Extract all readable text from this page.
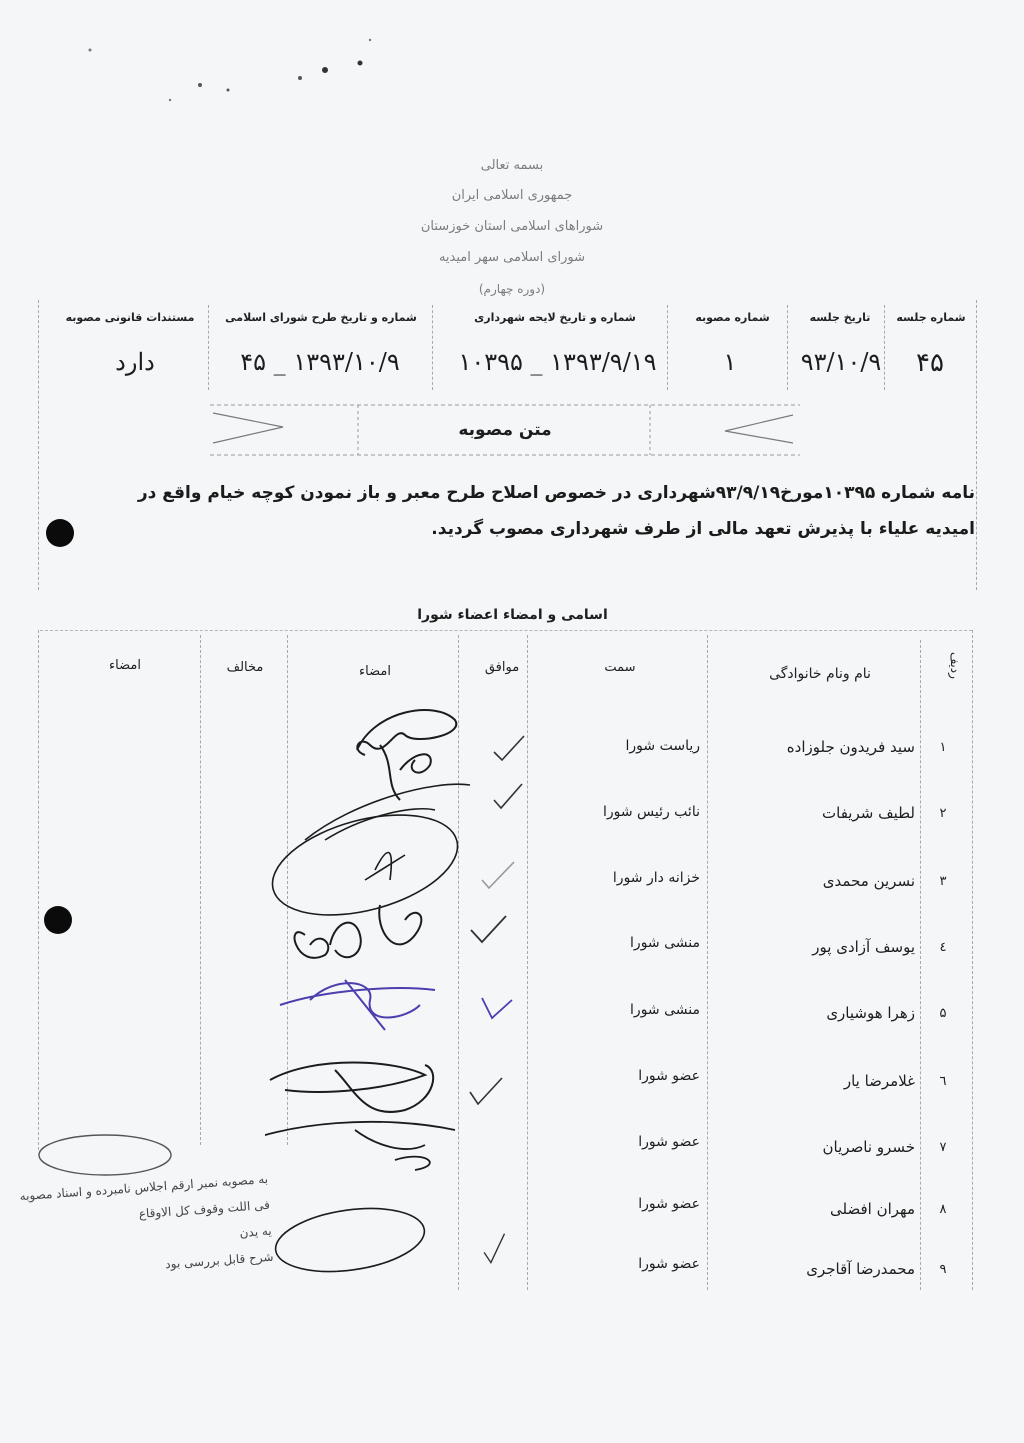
بسمه تعالی
جمهوری اسلامی ایران
شوراهای اسلامی استان خوزستان
شورای اسلامی سهر امیدیه
(دوره چهارم)
شماره جلسه
تاریخ جلسه
شماره مصوبه
شماره و تاریخ لایحه شهرداری
شماره و تاریخ طرح شورای اسلامی
مستندات قانونی مصوبه
۴۵
۹۳/۱۰/۹
۱
۱۳۹۳/۹/۱۹ _ ۱۰۳۹۵
۱۳۹۳/۱۰/۹ _ ۴۵
دارد
متن مصوبه
نامه شماره ۱۰۳۹۵مورخ۹۳/۹/۱۹شهرداری در خصوص اصلاح طرح معبر و باز نمودن کوچه خیام واقع در
امیدیه علیاء با پذیرش تعهد مالی از طرف شهرداری مصوب گردید.
اسامی و امضاء اعضاء شورا
ردیف
نام ونام خانوادگی
سمت
موافق
امضاء
مخالف
امضاء
۱
سید فریدون جلوزاده
ریاست شورا
۲
لطیف شریفات
نائب رئیس شورا
۳
نسرین محمدی
خزانه دار شورا
٤
یوسف آزادی پور
منشی شورا
۵
زهرا هوشیاری
منشی شورا
٦
غلامرضا یار
عضو شورا
۷
خسرو ناصریان
عضو شورا
۸
مهران افضلی
عضو شورا
۹
محمدرضا آقاجری
عضو شورا
به مصوبه نمبر ارقم اجلاس نامبرده و اسناد مصوبه
فی اللت وقوف کل الاوقاع
یه یدن
شرح قابل بررسی بود
